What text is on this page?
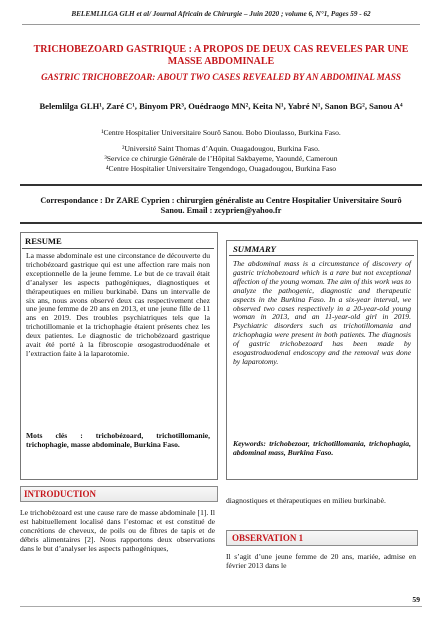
BELEMLILGA GLH et al/ Journal Africain de Chirurgie – Juin 2020 ; volume 6, N°1, Pages 59 - 62
TRICHOBEZOARD GASTRIQUE : A PROPOS DE DEUX CAS REVELES PAR UNE MASSE ABDOMINALE
GASTRIC TRICHOBEZOAR: ABOUT TWO CASES REVEALED BY AN ABDOMINAL MASS
Belemlilga GLH¹, Zaré C¹, Binyom PR³, Ouédraogo MN², Keita N¹, Yabré N¹, Sanon BG², Sanou A⁴
¹Centre Hospitalier Universitaire Sourô Sanou. Bobo Dioulasso, Burkina Faso.
²Université Saint Thomas d’Aquin. Ouagadougou, Burkina Faso.
³Service ce chirurgie Générale de l’Hôpital Sakbayeme, Yaoundé, Cameroun
⁴Centre Hospitalier Universitaire Tengendogo, Ouagadougou, Burkina Faso
Correspondance : Dr ZARE Cyprien : chirurgien généraliste au Centre Hospitalier Universitaire Sourô Sanou. Email : zcyprien@yahoo.fr
RESUME
La masse abdominale est une circonstance de découverte du trichobézoard gastrique qui est une affection rare mais non exceptionnelle de la jeune femme. Le but de ce travail était d’analyser les aspects pathogéniques, diagnostiques et thérapeutiques en milieu burkinabè. Dans un intervalle de six ans, nous avons observé deux cas respectivement chez une jeune femme de 20 ans en 2013, et une jeune fille de 11 ans en 2019. Des troubles psychiatriques tels que la trichotillomanie et la trichophagie étaient présents chez les deux patientes. Le diagnostic de trichobézoard gastrique avait été porté à la fibroscopie œsogastroduodénale et l’extraction faite à la laparotomie.
Mots clés : trichobézoard, trichotillomanie, trichophagie, masse abdominale, Burkina Faso.
SUMMARY
The abdominal mass is a circumstance of discovery of gastric trichobezoard which is a rare but not exceptional affection of the young woman. The aim of this work was to analyze the pathogenic, diagnostic and therapeutic aspects in the Burkina Faso. In a six-year interval, we observed two cases respectively in a 20-year-old young woman in 2013, and an 11-year-old girl in 2019. Psychiatric disorders such as trichotillomania and trichophagia were present in both patients. The diagnosis of gastric trichobezoard has been made by esogastroduodenal endoscopy and the removal was done by laparotomy.
Keywords: trichobezoar, trichotillomania, trichophagia, abdominal mass, Burkina Faso.
INTRODUCTION
Le trichobézoard est une cause rare de masse abdominale [1]. Il est habituellement localisé dans l’estomac et est constitué de concrétions de cheveux, de poils ou de fibres de tapis et de débris alimentaires [2]. Nous rapportons deux observations dans le but d’analyser les aspects pathogéniques,
diagnostiques et thérapeutiques en milieu burkinabè.
OBSERVATION 1
Il s’agit d’une jeune femme de 20 ans, mariée, admise en février 2013 dans le
59
